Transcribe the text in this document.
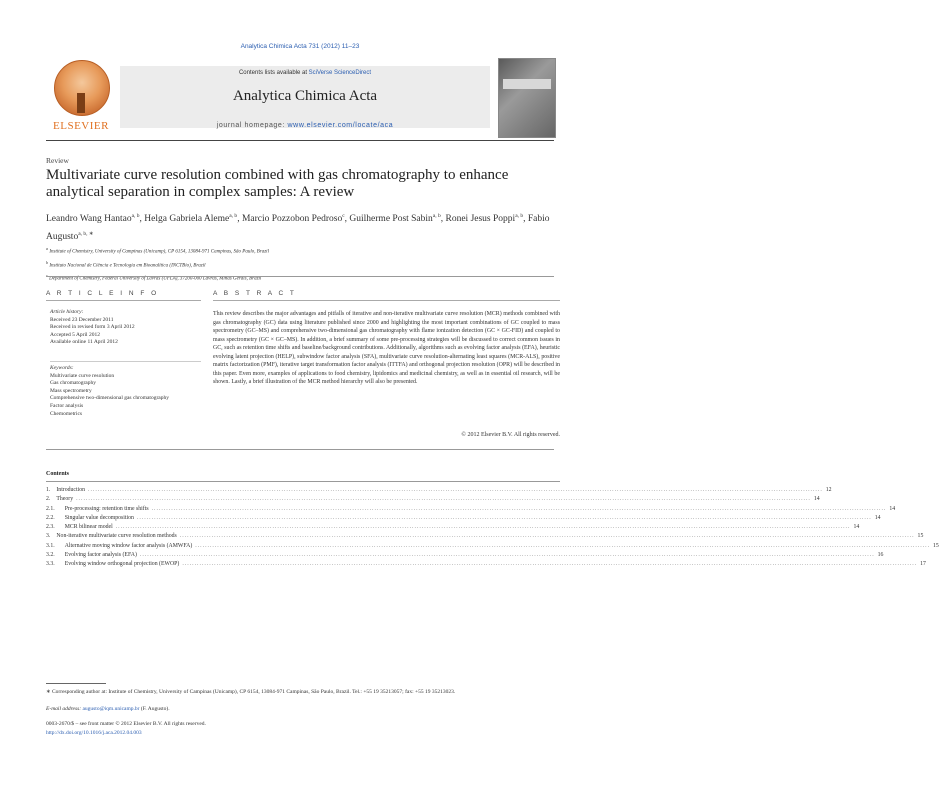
Analytica Chimica Acta 731 (2012) 11–23
ELSEVIER
Contents lists available at SciVerse ScienceDirect
Analytica Chimica Acta
journal homepage: www.elsevier.com/locate/aca
Review
Multivariate curve resolution combined with gas chromatography to enhance analytical separation in complex samples: A review
Leandro Wang Hantao$^{a, b}$, Helga Gabriela Aleme$^{a, b}$, Marcio Pozzobon Pedroso$^c$, Guilherme Post Sabin$^{a, b}$, Ronei Jesus Poppi$^{a, b}$, Fabio Augusto$^{a, b, ∗}$
$^a$ Institute of Chemistry, University of Campinas (Unicamp), CP 6154, 13084-971 Campinas, São Paulo, Brazil
$^b$ Instituto Nacional de Ciência e Tecnologia em Bioanalítica (INCTBio), Brazil
Department of Chemistry, Federal University of Lavras (UFLA), 37200-000 Lavras, Minas Gerais, Brazil
A R T I C L E I N F O
Article history:
Received 23 December 2011
Received in revised form 3 April 2012
Accepted 5 April 2012
Available online 11 April 2012
Keywords:
Multivariate curve resolution
Gas chromatography
Mass spectrometry
Comprehensive two-dimensional gas chromatography
Factor analysis
Chemometrics
A B S T R A C T
This review describes the major advantages and pitfalls of iterative and non-iterative multivariate curve resolution (MCR) methods combined with gas chromatography (GC) data using literature published since 2000 and highlighting the most important combinations of GC coupled to mass spectrometry (GC–MS) and comprehensive two-dimensional gas chromatography with flame ionization detection (GC × GC-FID) and coupled to mass spectrometry (GC × GC–MS). In addition, a brief summary of some pre-processing strategies will be discussed to correct common issues in GC, such as retention time shifts and baseline/background contributions. Additionally, algorithms such as evolving factor analysis (EFA), heuristic evolving latent projection (HELP), subwindow factor analysis (SFA), multivariate curve resolution-alternating least squares (MCR-ALS), positive matrix factorization (PMF), iterative target transformation factor analysis (ITTFA) and orthogonal projection resolution (OPR) will be described in this paper. Even more, examples of applications to food chemistry, lipidomics and medicinal chemistry, as well as in essential oil research, will be shown. Lastly, a brief illustration of the MCR method hierarchy will also be presented.
© 2012 Elsevier B.V. All rights reserved.
Contents
1. Introduction ............................................................................................................................................................................................................................................................................................................ 12
2. Theory ............................................................................................................................................................................................................................................................................................................ 14
2.1. Pre-processing: retention time shifts ............................................................................................................................................................................................................................................................................................................ 14
2.2. Singular value decomposition ............................................................................................................................................................................................................................................................................................................ 14
2.3. MCR bilinear model ............................................................................................................................................................................................................................................................................................................ 14
3. Non-iterative multivariate curve resolution methods ............................................................................................................................................................................................................................................................................................................ 15
3.1. Alternative moving window factor analysis (AMWFA) ............................................................................................................................................................................................................................................................................................................ 15
3.2. Evolving factor analysis (EFA) ............................................................................................................................................................................................................................................................................................................ 16
3.3. Evolving window orthogonal projection (EWOP) ............................................................................................................................................................................................................................................................................................................ 17
∗ Corresponding author at: Institute of Chemistry, University of Campinas (Unicamp), CP 6154, 13084-971 Campinas, São Paulo, Brazil. Tel.: +55 19 35213057; fax: +55 19 35213023.
E-mail address: augusto@iqm.unicamp.br (F. Augusto).
0003-2670/$ – see front matter © 2012 Elsevier B.V. All rights reserved.
http://dx.doi.org/10.1016/j.aca.2012.04.003
